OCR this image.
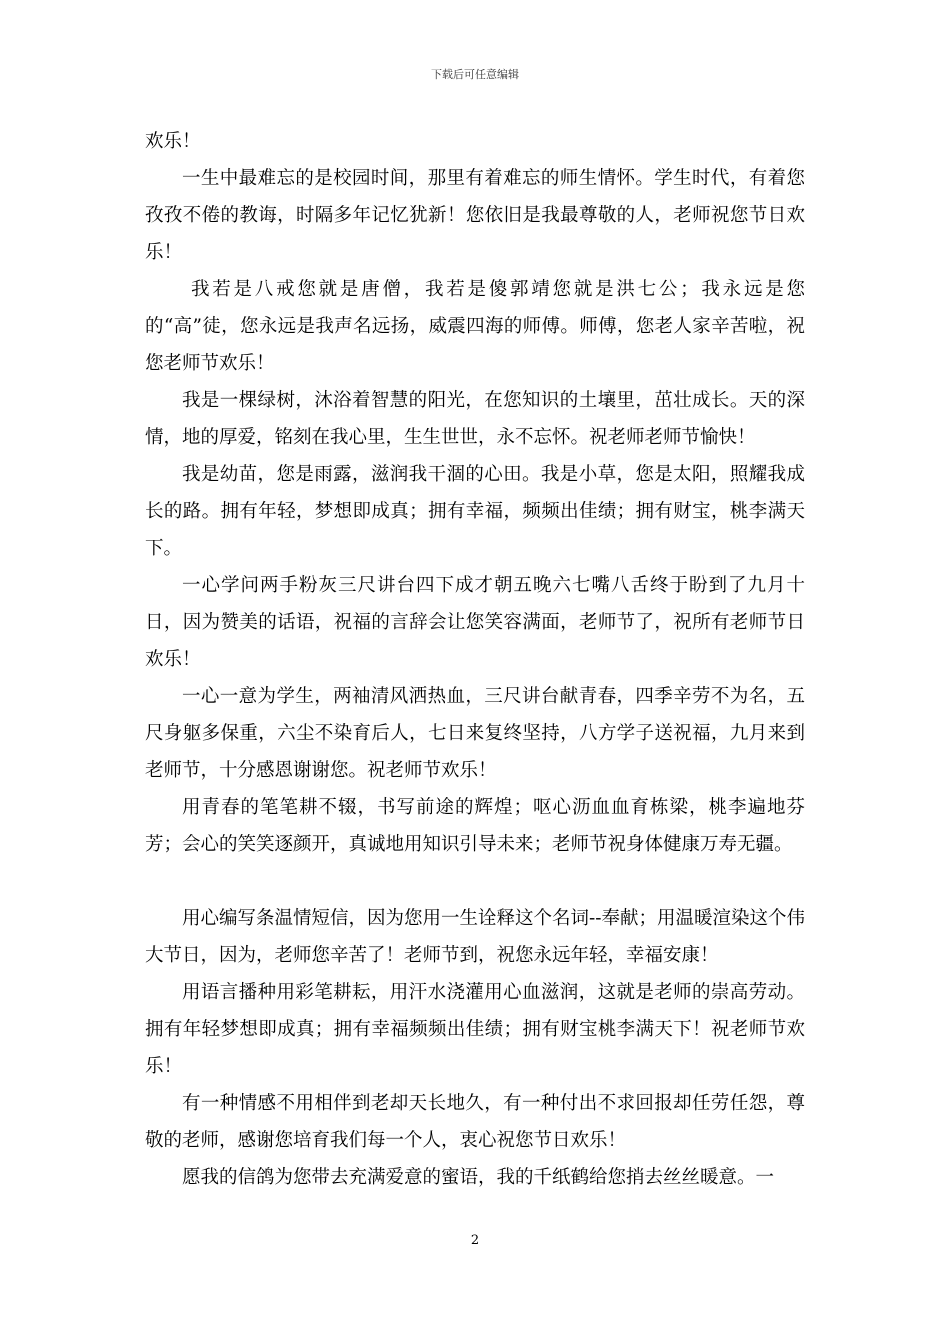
下载后可任意编辑

欢乐！

一生中最难忘的是校园时间，那里有着难忘的师生情怀。学生时代，有着您孜孜不倦的教诲，时隔多年记忆犹新！您依旧是我最尊敬的人，老师祝您节日欢乐！

我若是八戒您就是唐僧，我若是傻郭靖您就是洪七公；我永远是您的“高”徒，您永远是我声名远扬，威震四海的师傅。师傅，您老人家辛苦啦，祝您老师节欢乐！

我是一棵绿树，沐浴着智慧的阳光，在您知识的土壤里，茁壮成长。天的深情，地的厚爱，铭刻在我心里，生生世世，永不忘怀。祝老师老师节愉快！

我是幼苗，您是雨露，滋润我干涸的心田。我是小草，您是太阳，照耀我成长的路。拥有年轻，梦想即成真；拥有幸福，频频出佳绩；拥有财宝，桃李满天下。

一心学问两手粉灰三尺讲台四下成才朝五晚六七嘴八舌终于盼到了九月十日，因为赞美的话语，祝福的言辞会让您笑容满面，老师节了，祝所有老师节日欢乐！

一心一意为学生，两袖清风洒热血，三尺讲台献青春，四季辛劳不为名，五尺身躯多保重，六尘不染育后人，七日来复终坚持，八方学子送祝福，九月来到老师节，十分感恩谢谢您。祝老师节欢乐！

用青春的笔笔耕不辍，书写前途的辉煌；呕心沥血血育栋梁，桃李遍地芬芳；会心的笑笑逐颜开，真诚地用知识引导未来；老师节祝身体健康万寿无疆。

用心编写条温情短信，因为您用一生诠释这个名词--奉献；用温暖渲染这个伟大节日，因为，老师您辛苦了！老师节到，祝您永远年轻，幸福安康！

用语言播种用彩笔耕耘，用汗水浇灌用心血滋润，这就是老师的崇高劳动。拥有年轻梦想即成真；拥有幸福频频出佳绩；拥有财宝桃李满天下！祝老师节欢乐！

有一种情感不用相伴到老却天长地久，有一种付出不求回报却任劳任怨，尊敬的老师，感谢您培育我们每一个人，衷心祝您节日欢乐！

愿我的信鸽为您带去充满爱意的蜜语，我的千纸鹤给您捎去丝丝暖意。一

2
